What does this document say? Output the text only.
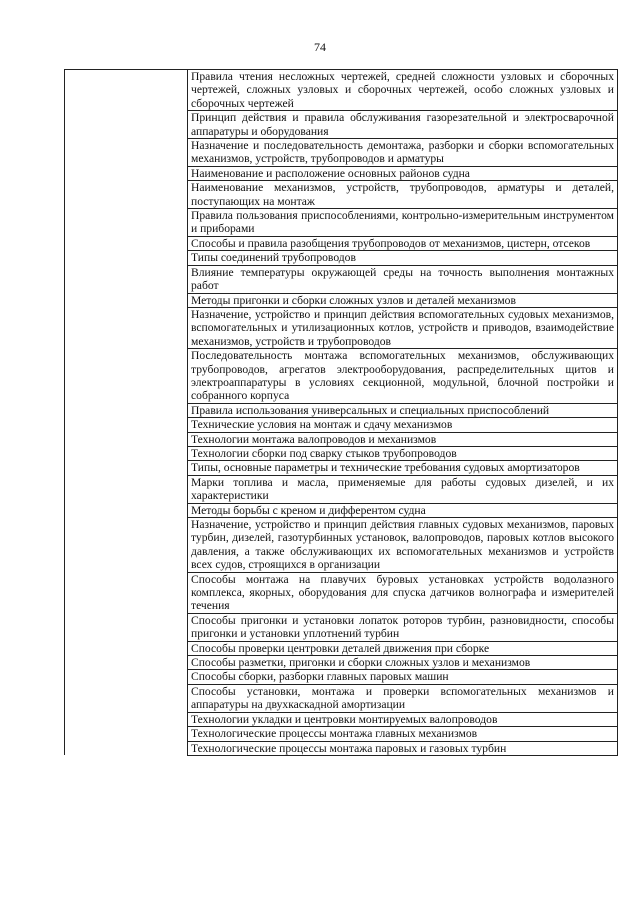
74
	Правила чтения несложных чертежей, средней сложности узловых и сборочных чертежей, сложных узловых и сборочных чертежей, особо сложных узловых и сборочных чертежей
Принцип действия и правила обслуживания газорезательной и электросварочной аппаратуры и оборудования
Назначение и последовательность демонтажа, разборки и сборки вспомогательных механизмов, устройств, трубопроводов и арматуры
Наименование и расположение основных районов судна
Наименование механизмов, устройств, трубопроводов, арматуры и деталей, поступающих на монтаж
Правила пользования приспособлениями, контрольно-измерительным инструментом и приборами
Способы и правила разобщения трубопроводов от механизмов, цистерн, отсеков
Типы соединений трубопроводов
Влияние температуры окружающей среды на точность выполнения монтажных работ
Методы пригонки и сборки сложных узлов и деталей механизмов
Назначение, устройство и принцип действия вспомогательных судовых механизмов, вспомогательных и утилизационных котлов, устройств и приводов, взаимодействие механизмов, устройств и трубопроводов
Последовательность монтажа вспомогательных механизмов, обслуживающих трубопроводов, агрегатов электрооборудования, распределительных щитов и электроаппаратуры в условиях секционной, модульной, блочной постройки и собранного корпуса
Правила использования универсальных и специальных приспособлений
Технические условия на монтаж и сдачу механизмов
Технологии монтажа валопроводов и механизмов
Технологии сборки под сварку стыков трубопроводов
Типы, основные параметры и технические требования судовых амортизаторов
Марки топлива и масла, применяемые для работы судовых дизелей, и их характеристики
Методы борьбы с креном и дифферентом судна
Назначение, устройство и принцип действия главных судовых механизмов, паровых турбин, дизелей, газотурбинных установок, валопроводов, паровых котлов высокого давления, а также обслуживающих их вспомогательных механизмов и устройств всех судов, строящихся в организации
Способы монтажа на плавучих буровых установках устройств водолазного комплекса, якорных, оборудования для спуска датчиков волнографа и измерителей течения
Способы пригонки и установки лопаток роторов турбин, разновидности, способы пригонки и установки уплотнений турбин
Способы проверки центровки деталей движения при сборке
Способы разметки, пригонки и сборки сложных узлов и механизмов
Способы сборки, разборки главных паровых машин
Способы установки, монтажа и проверки вспомогательных механизмов и аппаратуры на двухкаскадной амортизации
Технологии укладки и центровки монтируемых валопроводов
Технологические процессы монтажа главных механизмов
Технологические процессы монтажа паровых и газовых турбин
